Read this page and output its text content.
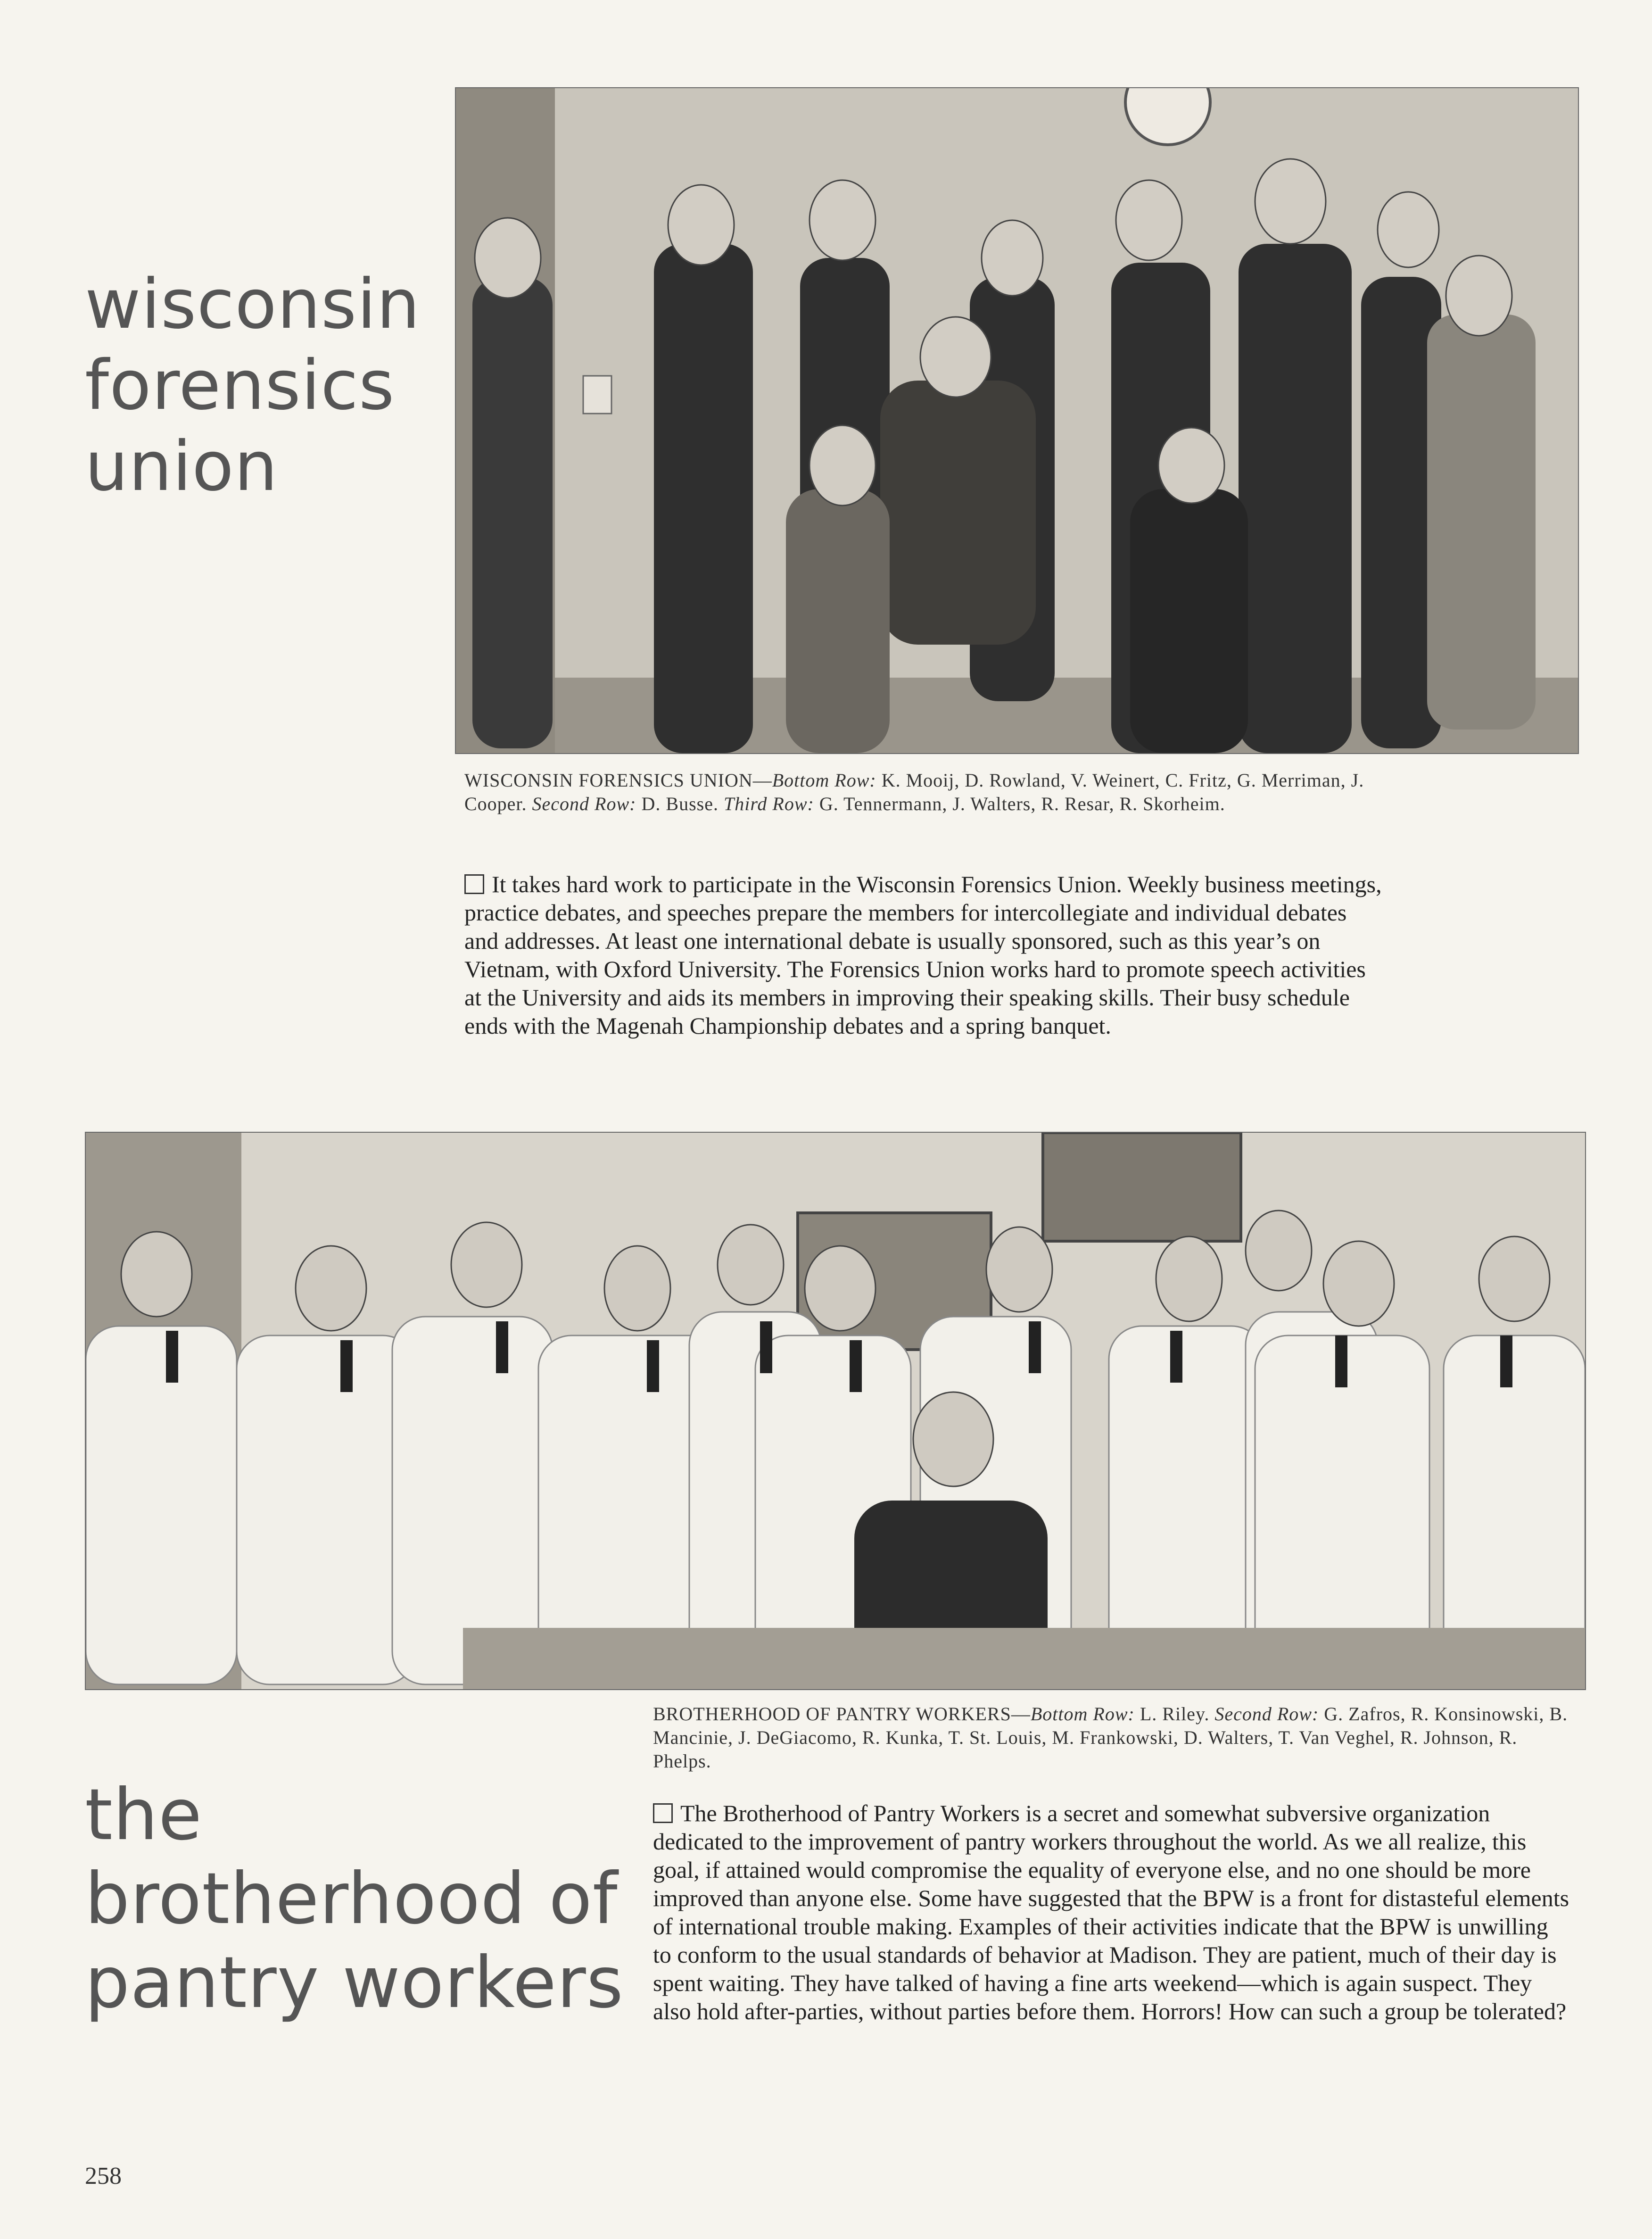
wisconsin
forensics
union

WISCONSIN FORENSICS UNION—Bottom Row: K. Mooij, D. Rowland, V. Weinert, C. Fritz, G. Merriman, J. Cooper. Second Row: D. Busse. Third Row: G. Tennermann, J. Walters, R. Resar, R. Skorheim.

It takes hard work to participate in the Wisconsin Forensics Union. Weekly business meetings, practice debates, and speeches prepare the members for intercollegiate and individual debates and addresses. At least one international debate is usually sponsored, such as this year’s on Vietnam, with Oxford University. The Forensics Union works hard to promote speech activities at the University and aids its members in improving their speaking skills. Their busy schedule ends with the Magenah Championship debates and a spring banquet.

BROTHERHOOD OF PANTRY WORKERS—Bottom Row: L. Riley. Second Row: G. Zafros, R. Konsinowski, B. Mancinie, J. DeGiacomo, R. Kunka, T. St. Louis, M. Frankowski, D. Walters, T. Van Veghel, R. Johnson, R. Phelps.

the
brotherhood of
pantry workers

The Brotherhood of Pantry Workers is a secret and somewhat subversive organization dedicated to the improvement of pantry workers throughout the world. As we all realize, this goal, if attained would compromise the equality of everyone else, and no one should be more improved than anyone else. Some have suggested that the BPW is a front for distasteful elements of international trouble making. Examples of their activities indicate that the BPW is unwilling to conform to the usual standards of behavior at Madison. They are patient, much of their day is spent waiting. They have talked of having a fine arts weekend—which is again suspect. They also hold after-parties, without parties before them. Horrors! How can such a group be tolerated?

258
